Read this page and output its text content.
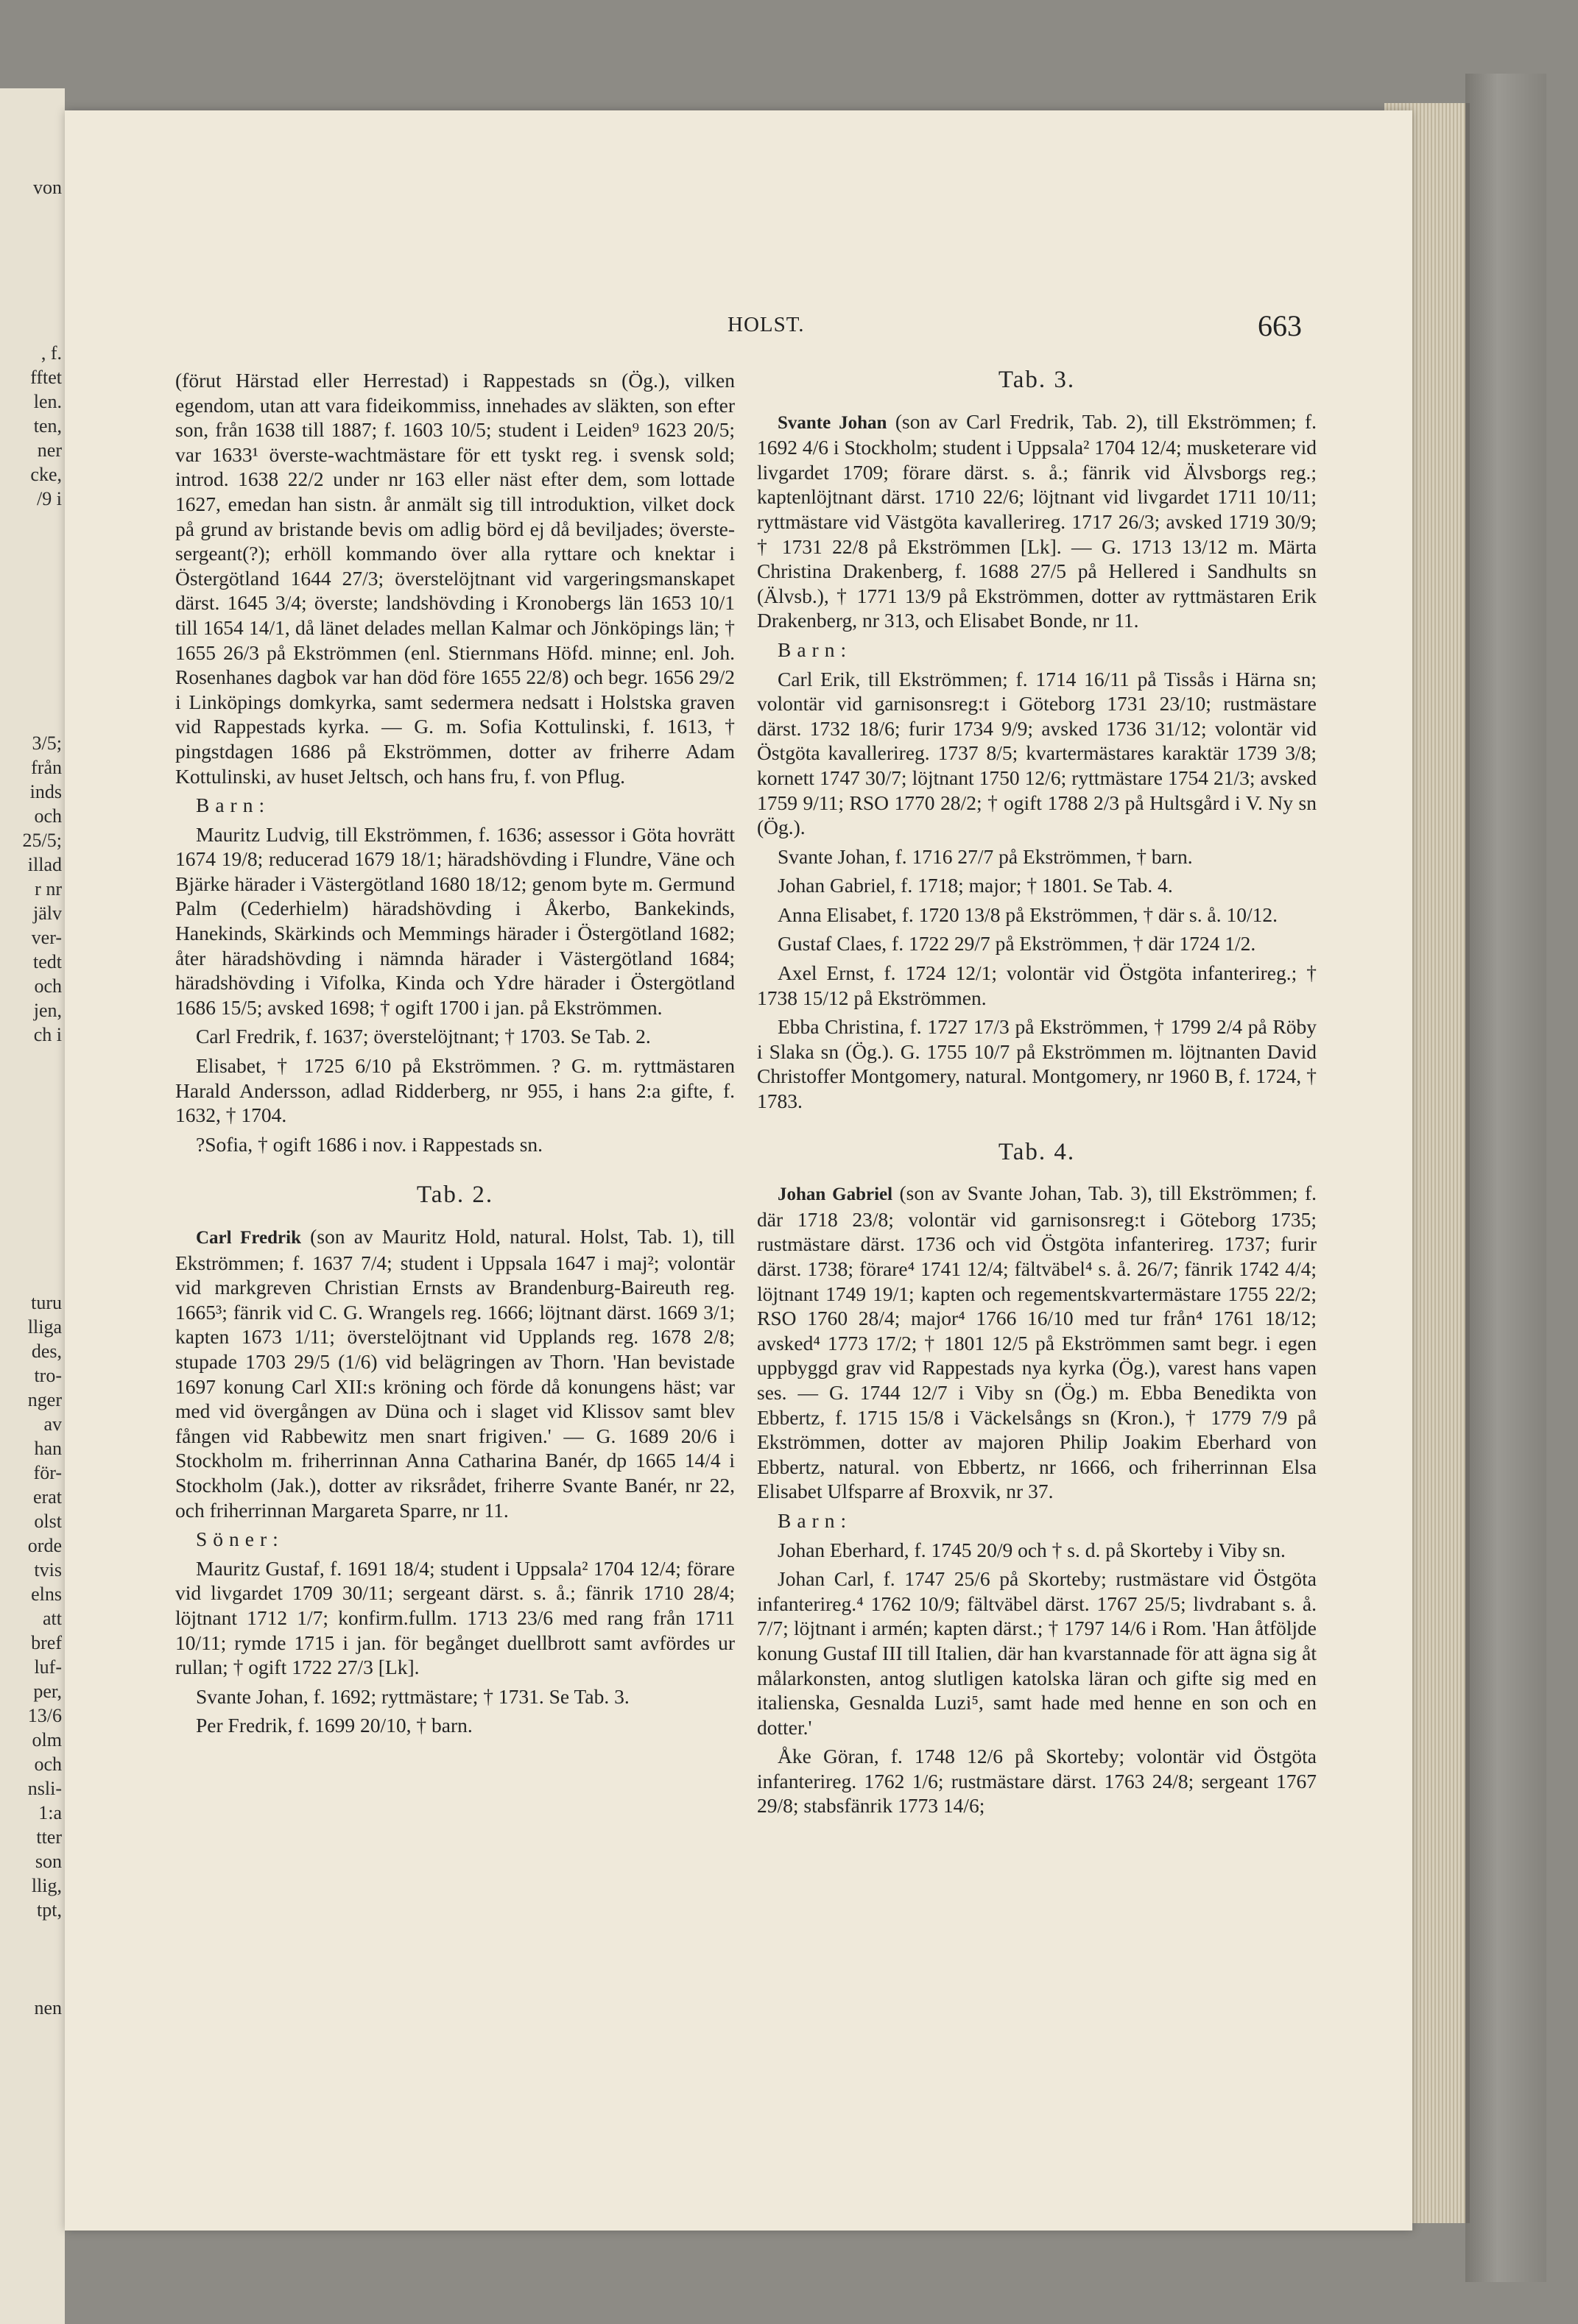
von
, f.
fftet
len.
ten,
ner
cke,
/9 i
3/5;
från
inds
och
25/5;
illad
r nr
jälv
ver-
tedt
och
jen,
ch i
turu
lliga
des,
tro-
nger
av
han
för-
erat
olst
orde
tvis
elns
att
bref
luf-
per,
13/6
olm
och
nsli-
1:a
tter
son
llig,
tpt,
nen
HOLST.	663

(förut Härstad eller Herrestad) i Rappestads sn (Ög.), vilken egendom, utan att vara fideikommiss, innehades av släkten, son efter son, från 1638 till 1887; f. 1603 10/5; student i Leiden⁹ 1623 20/5; var 1633¹ överste-wachtmästare för ett tyskt reg. i svensk sold; introd. 1638 22/2 under nr 163 eller näst efter dem, som lottade 1627, emedan han sistn. år anmält sig till introduktion, vilket dock på grund av bristande bevis om adlig börd ej då beviljades; överste-sergeant(?); erhöll kommando över alla ryttare och knektar i Östergötland 1644 27/3; överstelöjtnant vid vargeringsmanskapet därst. 1645 3/4; överste; landshövding i Kronobergs län 1653 10/1 till 1654 14/1, då länet delades mellan Kalmar och Jönköpings län; † 1655 26/3 på Ekströmmen (enl. Stiernmans Höfd. minne; enl. Joh. Rosenhanes dagbok var han död före 1655 22/8) och begr. 1656 29/2 i Linköpings domkyrka, samt sedermera nedsatt i Holstska graven vid Rappestads kyrka. — G. m. Sofia Kottulinski, f. 1613, † pingstdagen 1686 på Ekströmmen, dotter av friherre Adam Kottulinski, av huset Jeltsch, och hans fru, f. von Pflug.

Barn:

Mauritz Ludvig, till Ekströmmen, f. 1636; assessor i Göta hovrätt 1674 19/8; reducerad 1679 18/1; häradshövding i Flundre, Väne och Bjärke härader i Västergötland 1680 18/12; genom byte m. Germund Palm (Cederhielm) häradshövding i Åkerbo, Bankekinds, Hanekinds, Skärkinds och Memmings härader i Östergötland 1682; åter häradshövding i nämnda härader i Västergötland 1684; häradshövding i Vifolka, Kinda och Ydre härader i Östergötland 1686 15/5; avsked 1698; † ogift 1700 i jan. på Ekströmmen.

Carl Fredrik, f. 1637; överstelöjtnant; † 1703. Se Tab. 2.

Elisabet, † 1725 6/10 på Ekströmmen. ? G. m. ryttmästaren Harald Andersson, adlad Ridderberg, nr 955, i hans 2:a gifte, f. 1632, † 1704.

?Sofia, † ogift 1686 i nov. i Rappestads sn.

Tab. 2.

Carl Fredrik (son av Mauritz Hold, natural. Holst, Tab. 1), till Ekströmmen; f. 1637 7/4; student i Uppsala 1647 i maj²; volontär vid markgreven Christian Ernsts av Brandenburg-Baireuth reg. 1665³; fänrik vid C. G. Wrangels reg. 1666; löjtnant därst. 1669 3/1; kapten 1673 1/11; överstelöjtnant vid Upplands reg. 1678 2/8; stupade 1703 29/5 (1/6) vid belägringen av Thorn. 'Han bevistade 1697 konung Carl XII:s kröning och förde då konungens häst; var med vid övergången av Düna och i slaget vid Klissov samt blev fången vid Rabbewitz men snart frigiven.' — G. 1689 20/6 i Stockholm m. friherrinnan Anna Catharina Banér, dp 1665 14/4 i Stockholm (Jak.), dotter av riksrådet, friherre Svante Banér, nr 22, och friherrinnan Margareta Sparre, nr 11.

Söner:

Mauritz Gustaf, f. 1691 18/4; student i Uppsala² 1704 12/4; förare vid livgardet 1709 30/11; sergeant därst. s. å.; fänrik 1710 28/4; löjtnant 1712 1/7; konfirm.fullm. 1713 23/6 med rang från 1711 10/11; rymde 1715 i jan. för begånget duellbrott samt avfördes ur rullan; † ogift 1722 27/3 [Lk].

Svante Johan, f. 1692; ryttmästare; † 1731. Se Tab. 3.

Per Fredrik, f. 1699 20/10, † barn.

Tab. 3.

Svante Johan (son av Carl Fredrik, Tab. 2), till Ekströmmen; f. 1692 4/6 i Stockholm; student i Uppsala² 1704 12/4; musketerare vid livgardet 1709; förare därst. s. å.; fänrik vid Älvsborgs reg.; kaptenlöjtnant därst. 1710 22/6; löjtnant vid livgardet 1711 10/11; ryttmästare vid Västgöta kavallerireg. 1717 26/3; avsked 1719 30/9; † 1731 22/8 på Ekströmmen [Lk]. — G. 1713 13/12 m. Märta Christina Drakenberg, f. 1688 27/5 på Hellered i Sandhults sn (Älvsb.), † 1771 13/9 på Ekströmmen, dotter av ryttmästaren Erik Drakenberg, nr 313, och Elisabet Bonde, nr 11.

Barn:

Carl Erik, till Ekströmmen; f. 1714 16/11 på Tissås i Härna sn; volontär vid garnisonsreg:t i Göteborg 1731 23/10; rustmästare därst. 1732 18/6; furir 1734 9/9; avsked 1736 31/12; volontär vid Östgöta kavallerireg. 1737 8/5; kvartermästares karaktär 1739 3/8; kornett 1747 30/7; löjtnant 1750 12/6; ryttmästare 1754 21/3; avsked 1759 9/11; RSO 1770 28/2; † ogift 1788 2/3 på Hultsgård i V. Ny sn (Ög.).

Svante Johan, f. 1716 27/7 på Ekströmmen, † barn.

Johan Gabriel, f. 1718; major; † 1801. Se Tab. 4.

Anna Elisabet, f. 1720 13/8 på Ekströmmen, † där s. å. 10/12.

Gustaf Claes, f. 1722 29/7 på Ekströmmen, † där 1724 1/2.

Axel Ernst, f. 1724 12/1; volontär vid Östgöta infanterireg.; † 1738 15/12 på Ekströmmen.

Ebba Christina, f. 1727 17/3 på Ekströmmen, † 1799 2/4 på Röby i Slaka sn (Ög.). G. 1755 10/7 på Ekströmmen m. löjtnanten David Christoffer Montgomery, natural. Montgomery, nr 1960 B, f. 1724, † 1783.

Tab. 4.

Johan Gabriel (son av Svante Johan, Tab. 3), till Ekströmmen; f. där 1718 23/8; volontär vid garnisonsreg:t i Göteborg 1735; rustmästare därst. 1736 och vid Östgöta infanterireg. 1737; furir därst. 1738; förare⁴ 1741 12/4; fältväbel⁴ s. å. 26/7; fänrik 1742 4/4; löjtnant 1749 19/1; kapten och regementskvartermästare 1755 22/2; RSO 1760 28/4; major⁴ 1766 16/10 med tur från⁴ 1761 18/12; avsked⁴ 1773 17/2; † 1801 12/5 på Ekströmmen samt begr. i egen uppbyggd grav vid Rappestads nya kyrka (Ög.), varest hans vapen ses. — G. 1744 12/7 i Viby sn (Ög.) m. Ebba Benedikta von Ebbertz, f. 1715 15/8 i Väckelsångs sn (Kron.), † 1779 7/9 på Ekströmmen, dotter av majoren Philip Joakim Eberhard von Ebbertz, natural. von Ebbertz, nr 1666, och friherrinnan Elsa Elisabet Ulfsparre af Broxvik, nr 37.

Barn:

Johan Eberhard, f. 1745 20/9 och † s. d. på Skorteby i Viby sn.

Johan Carl, f. 1747 25/6 på Skorteby; rustmästare vid Östgöta infanterireg.⁴ 1762 10/9; fältväbel därst. 1767 25/5; livdrabant s. å. 7/7; löjtnant i armén; kapten därst.; † 1797 14/6 i Rom. 'Han åtföljde konung Gustaf III till Italien, där han kvarstannade för att ägna sig åt målarkonsten, antog slutligen katolska läran och gifte sig med en italienska, Gesnalda Luzi⁵, samt hade med henne en son och en dotter.'

Åke Göran, f. 1748 12/6 på Skorteby; volontär vid Östgöta infanterireg. 1762 1/6; rustmästare därst. 1763 24/8; sergeant 1767 29/8; stabsfänrik 1773 14/6;
